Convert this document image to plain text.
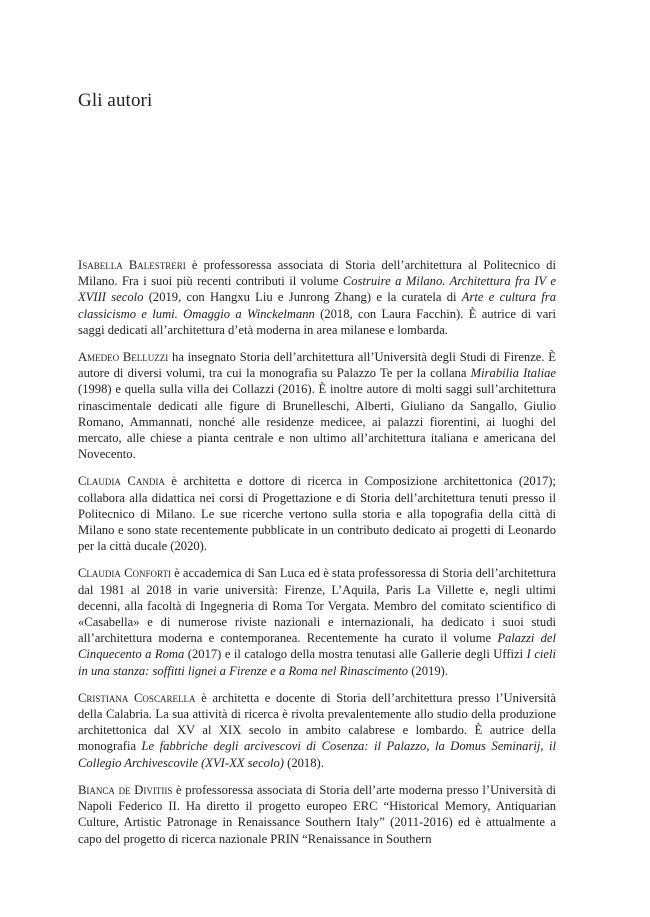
Gli autori

Isabella Balestreri è professoressa associata di Storia dell’architettura al Politecnico di Milano. Fra i suoi più recenti contributi il volume Costruire a Milano. Architettura fra IV e XVIII secolo (2019, con Hangxu Liu e Junrong Zhang) e la curatela di Arte e cultura fra classicismo e lumi. Omaggio a Winckelmann (2018, con Laura Facchin). È autrice di vari saggi dedicati all’architettura d’età moderna in area milanese e lombarda.

Amedeo Belluzzi ha insegnato Storia dell’architettura all’Università degli Studi di Firenze. È autore di diversi volumi, tra cui la monografia su Palazzo Te per la collana Mirabilia Italiae (1998) e quella sulla villa dei Collazzi (2016). È inoltre autore di molti saggi sull’architettura rinascimentale dedicati alle figure di Brunelleschi, Alberti, Giuliano da Sangallo, Giulio Romano, Ammannati, nonché alle residenze medicee, ai palazzi fiorentini, ai luoghi del mercato, alle chiese a pianta centrale e non ultimo all’architettura italiana e americana del Novecento.

Claudia Candia è architetta e dottore di ricerca in Composizione architettonica (2017); collabora alla didattica nei corsi di Progettazione e di Storia dell’architettura tenuti presso il Politecnico di Milano. Le sue ricerche vertono sulla storia e alla topografia della città di Milano e sono state recentemente pubblicate in un contributo dedicato ai progetti di Leonardo per la città ducale (2020).

Claudia Conforti è accademica di San Luca ed è stata professoressa di Storia dell’architettura dal 1981 al 2018 in varie università: Firenze, L’Aquila, Paris La Villette e, negli ultimi decenni, alla facoltà di Ingegneria di Roma Tor Vergata. Membro del comitato scientifico di «Casabella» e di numerose riviste nazionali e internazionali, ha dedicato i suoi studi all’architettura moderna e contemporanea. Recentemente ha curato il volume Palazzi del Cinquecento a Roma (2017) e il catalogo della mostra tenutasi alle Gallerie degli Uffizi I cieli in una stanza: soffitti lignei a Firenze e a Roma nel Rinascimento (2019).

Cristiana Coscarella è architetta e docente di Storia dell’architettura presso l’Università della Calabria. La sua attività di ricerca è rivolta prevalentemente allo studio della produzione architettonica dal XV al XIX secolo in ambito calabrese e lombardo. È autrice della monografia Le fabbriche degli arcivescovi di Cosenza: il Palazzo, la Domus Seminarij, il Collegio Archivescovile (XVI-XX secolo) (2018).

Bianca de Divitiis è professoressa associata di Storia dell’arte moderna presso l’Università di Napoli Federico II. Ha diretto il progetto europeo ERC “Historical Memory, Antiquarian Culture, Artistic Patronage in Renaissance Southern Italy” (2011-2016) ed è attualmente a capo del progetto di ricerca nazionale PRIN “Renaissance in Southern
